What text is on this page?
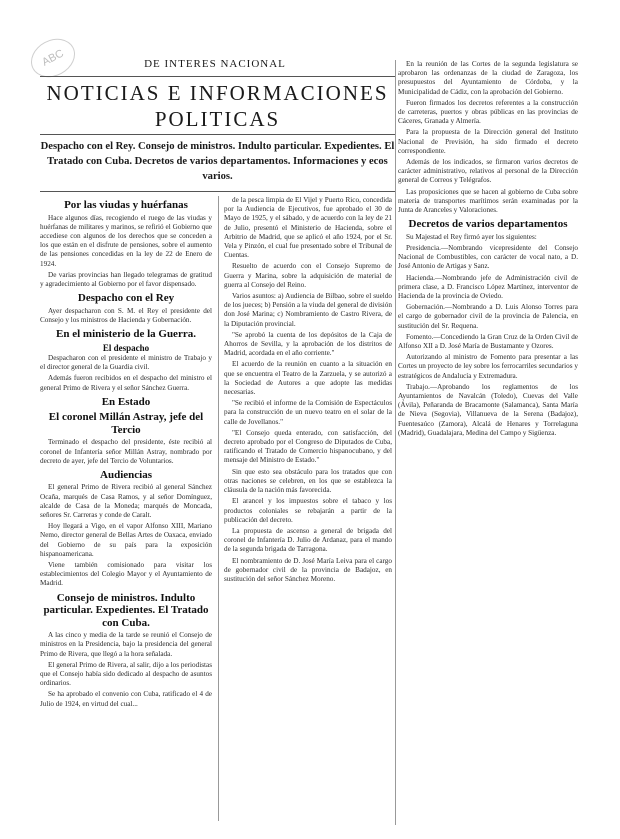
ABC	DE INTERES NACIONAL
NOTICIAS E INFORMACIONES POLITICAS
Despacho con el Rey. Consejo de ministros. Indulto particular. Expedientes. El Tratado con Cuba. Decretos de varios departamentos. Informaciones y ecos varios.
Por las viudas y huérfanas

Hace algunos días, recogiendo el ruego de las viudas y huérfanas de militares y marinos, se refirió el Gobierno que accediese con algunos de los derechos que se conceden a los que están en el disfrute de pensiones, sobre el aumento de las pensiones concedidas en la ley de 22 de Enero de 1924.

De varias provincias han llegado telegramas de gratitud y agradecimiento al Gobierno por el favor dispensado.

Despacho con el Rey

Ayer despacharon con S. M. el Rey el presidente del Consejo y los ministros de Hacienda y Gobernación.

En el ministerio de la Guerra.
El despacho

Despacharon con el presidente el ministro de Trabajo y el director general de la Guardia civil.

Además fueron recibidos en el despacho del ministro el general Primo de Rivera y el señor Sánchez Guerra.

En Estado
El coronel Millán Astray, jefe del Tercio

Terminado el despacho del presidente, éste recibió al coronel de Infantería señor Millán Astray, nombrado por decreto de ayer, jefe del Tercio de Voluntarios.

Audiencias

El general Primo de Rivera recibió al general Sánchez Ocaña, marqués de Casa Ramos, y al señor Domínguez, alcalde de Casa de la Moneda; marqués de Moncada, señores Sr. Carreras y conde de Caralt.

Hoy llegará a Vigo, en el vapor Alfonso XIII, Mariano Nemo, director general de Bellas Artes de Oaxaca, enviado del Gobierno de su país para la exposición hispanoamericana.

Viene también comisionado para visitar los establecimientos del Colegio Mayor y el Ayuntamiento de Madrid.

Consejo de ministros. Indulto particular. Expedientes. El Tratado con Cuba.

A las cinco y media de la tarde se reunió el Consejo de ministros en la Presidencia, bajo la presidencia del general Primo de Rivera, que llegó a la hora señalada.

El general Primo de Rivera, al salir, dijo a los periodistas que el Consejo había sido dedicado al despacho de asuntos ordinarios.

Se ha aprobado el convenio con Cuba, ratificado el 4 de Julio de 1924, en virtud del cual...

de la pesca limpia de El Vijel y Puerto Rico, concedida por la Audiencia de Ejecutivos, fue aprobado el 30 de Mayo de 1925, y el sábado, y de acuerdo con la ley de 21 de Julio, presentó el Ministerio de Hacienda, sobre el Arbitrio de Madrid, que se aplicó el año 1924, por el Sr. Vela y Pinzón, el cual fue presentado sobre el Tribunal de Cuentas.

Resuelto de acuerdo con el Consejo Supremo de Guerra y Marina, sobre la adquisición de material de guerra al Consejo del Reino.

Varios asuntos: a) Audiencia de Bilbao, sobre el sueldo de los jueces; b) Pensión a la viuda del general de división don José Marina; c) Nombramiento de Castro Rivera, de la Diputación provincial.

"Se aprobó la cuenta de los depósitos de la Caja de Ahorros de Sevilla, y la aprobación de los distritos de Madrid, acordada en el año corriente."

El acuerdo de la reunión en cuanto a la situación en que se encuentra el Teatro de la Zarzuela, y se autorizó a la Sociedad de Autores a que adopte las medidas necesarias.

"Se recibió el informe de la Comisión de Espectáculos para la construcción de un nuevo teatro en el solar de la calle de Jovellanos."

"El Consejo queda enterado, con satisfacción, del decreto aprobado por el Congreso de Diputados de Cuba, ratificando el Tratado de Comercio hispanocubano, y del mensaje del Ministro de Estado."

Sin que esto sea obstáculo para los tratados que con otras naciones se celebren, en los que se establezca la cláusula de la nación más favorecida.

El arancel y los impuestos sobre el tabaco y los productos coloniales se rebajarán a partir de la publicación del decreto.

La propuesta de ascenso a general de brigada del coronel de Infantería D. Julio de Ardanaz, para el mando de la segunda brigada de Tarragona.

El nombramiento de D. José María Leiva para el cargo de gobernador civil de la provincia de Badajoz, en sustitución del señor Sánchez Moreno.

En la reunión de las Cortes de la segunda legislatura se aprobaron las ordenanzas de la ciudad de Zaragoza, los presupuestos del Ayuntamiento de Córdoba, y la Municipalidad de Cádiz, con la aprobación del Gobierno.

Fueron firmados los decretos referentes a la construcción de carreteras, puertos y obras públicas en las provincias de Cáceres, Granada y Almería.

Para la propuesta de la Dirección general del Instituto Nacional de Previsión, ha sido firmado el decreto correspondiente.

Además de los indicados, se firmaron varios decretos de carácter administrativo, relativos al personal de la Dirección general de Correos y Telégrafos.

Las proposiciones que se hacen al gobierno de Cuba sobre materia de transportes marítimos serán examinadas por la Junta de Aranceles y Valoraciones.

Decretos de varios departamentos

Su Majestad el Rey firmó ayer los siguientes:

Presidencia.—Nombrando vicepresidente del Consejo Nacional de Combustibles, con carácter de vocal nato, a D. José Antonio de Artigas y Sanz.

Hacienda.—Nombrando jefe de Administración civil de primera clase, a D. Francisco López Martínez, interventor de Hacienda de la provincia de Oviedo.

Gobernación.—Nombrando a D. Luis Alonso Torres para el cargo de gobernador civil de la provincia de Palencia, en sustitución del Sr. Requena.

Fomento.—Concediendo la Gran Cruz de la Orden Civil de Alfonso XII a D. José María de Bustamante y Ozores.

Autorizando al ministro de Fomento para presentar a las Cortes un proyecto de ley sobre los ferrocarriles secundarios y estratégicos de Andalucía y Extremadura.

Trabajo.—Aprobando los reglamentos de los Ayuntamientos de Navalcán (Toledo), Cuevas del Valle (Ávila), Peñaranda de Bracamonte (Salamanca), Santa María de Nieva (Segovia), Villanueva de la Serena (Badajoz), Fuentesaúco (Zamora), Alcalá de Henares y Torrelaguna (Madrid), Guadalajara, Medina del Campo y Sigüenza.
